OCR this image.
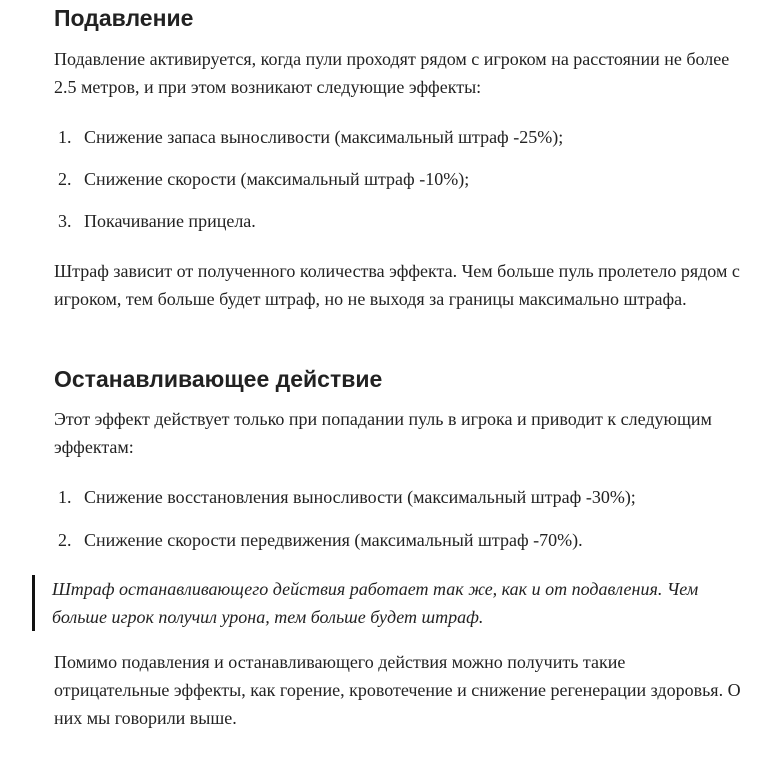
Подавление

Подавление активируется, когда пули проходят рядом с игроком на расстоянии не более 2.5 метров, и при этом возникают следующие эффекты:

1. Снижение запаса выносливости (максимальный штраф -25%);
2. Снижение скорости (максимальный штраф -10%);
3. Покачивание прицела.

Штраф зависит от полученного количества эффекта. Чем больше пуль пролетело рядом с игроком, тем больше будет штраф, но не выходя за границы максимально штрафа.

Останавливающее действие

Этот эффект действует только при попадании пуль в игрока и приводит к следующим эффектам:

1. Снижение восстановления выносливости (максимальный штраф -30%);
2. Снижение скорости передвижения (максимальный штраф -70%).

Помимо подавления и останавливающего действия можно получить такие отрицательные эффекты, как горение, кровотечение и снижение регенерации здоровья. О них мы говорили выше.

Штраф останавливающего действия работает так же, как и от подавления. Чем больше игрок получил урона, тем больше будет штраф.
